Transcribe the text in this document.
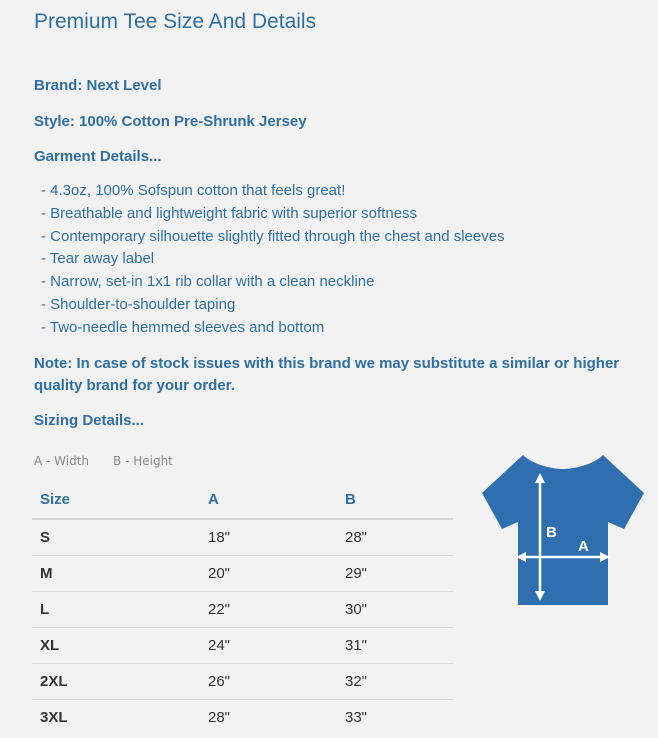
Premium Tee Size And Details

Brand: Next Level

Style: 100% Cotton Pre-Shrunk Jersey

Garment Details...

- 4.3oz, 100% Sofspun cotton that feels great!
- Breathable and lightweight fabric with superior softness
- Contemporary silhouette slightly fitted through the chest and sleeves
- Tear away label
- Narrow, set-in 1x1 rib collar with a clean neckline
- Shoulder-to-shoulder taping
- Two-needle hemmed sleeves and bottom

Note: In case of stock issues with this brand we may substitute a similar or higher quality brand for your order.

Sizing Details...

A - Width B - Height
Size	A	B
S	18"	28"
M	20"	29"
L	22"	30"
XL	24"	31"
2XL	26"	32"
3XL	28"	33"
B
A
